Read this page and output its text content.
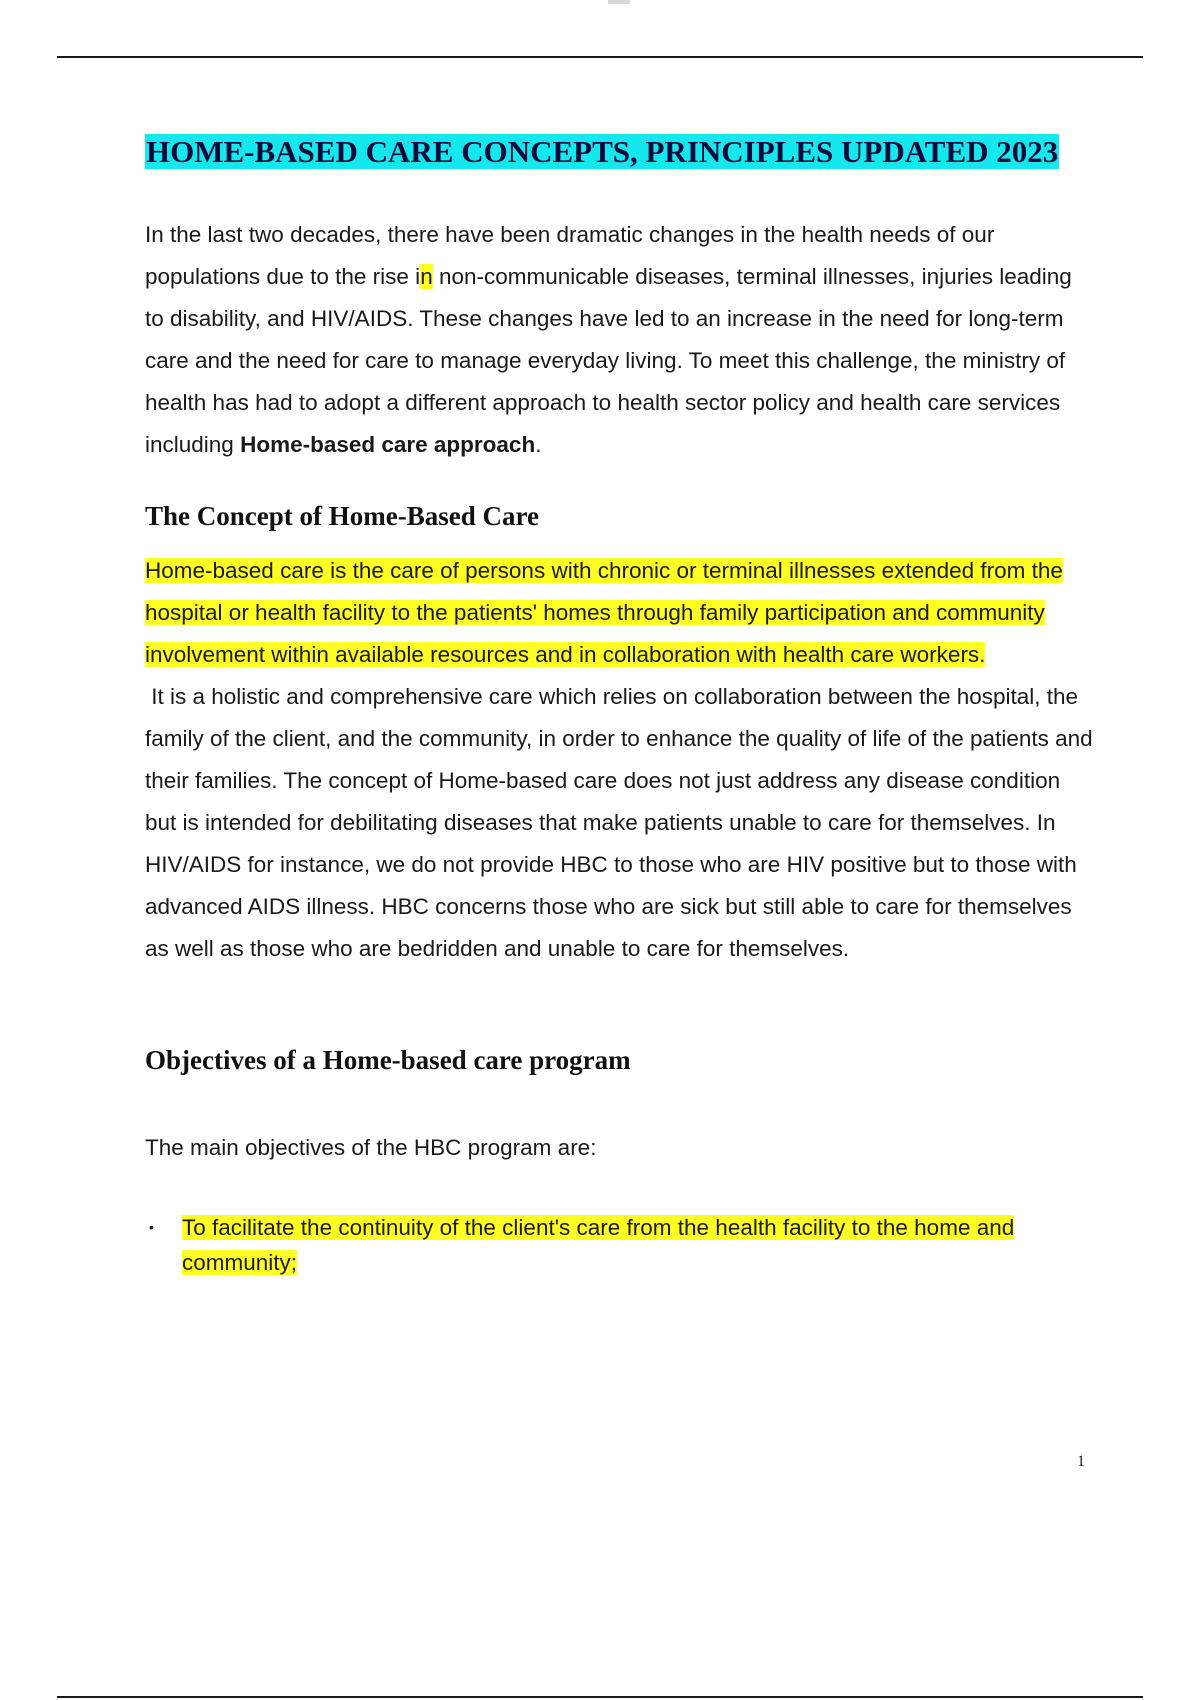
HOME-BASED CARE CONCEPTS, PRINCIPLES UPDATED 2023

In the last two decades, there have been dramatic changes in the health needs of our populations due to the rise in non-communicable diseases, terminal illnesses, injuries leading to disability, and HIV/AIDS. These changes have led to an increase in the need for long-term care and the need for care to manage everyday living. To meet this challenge, the ministry of health has had to adopt a different approach to health sector policy and health care services including Home-based care approach.

The Concept of Home-Based Care

Home-based care is the care of persons with chronic or terminal illnesses extended from the hospital or health facility to the patients' homes through family participation and community involvement within available resources and in collaboration with health care workers.

It is a holistic and comprehensive care which relies on collaboration between the hospital, the family of the client, and the community, in order to enhance the quality of life of the patients and their families. The concept of Home-based care does not just address any disease condition but is intended for debilitating diseases that make patients unable to care for themselves. In HIV/AIDS for instance, we do not provide HBC to those who are HIV positive but to those with advanced AIDS illness. HBC concerns those who are sick but still able to care for themselves as well as those who are bedridden and unable to care for themselves.

Objectives of a Home-based care program

The main objectives of the HBC program are:

• To facilitate the continuity of the client's care from the health facility to the home and community;
1
